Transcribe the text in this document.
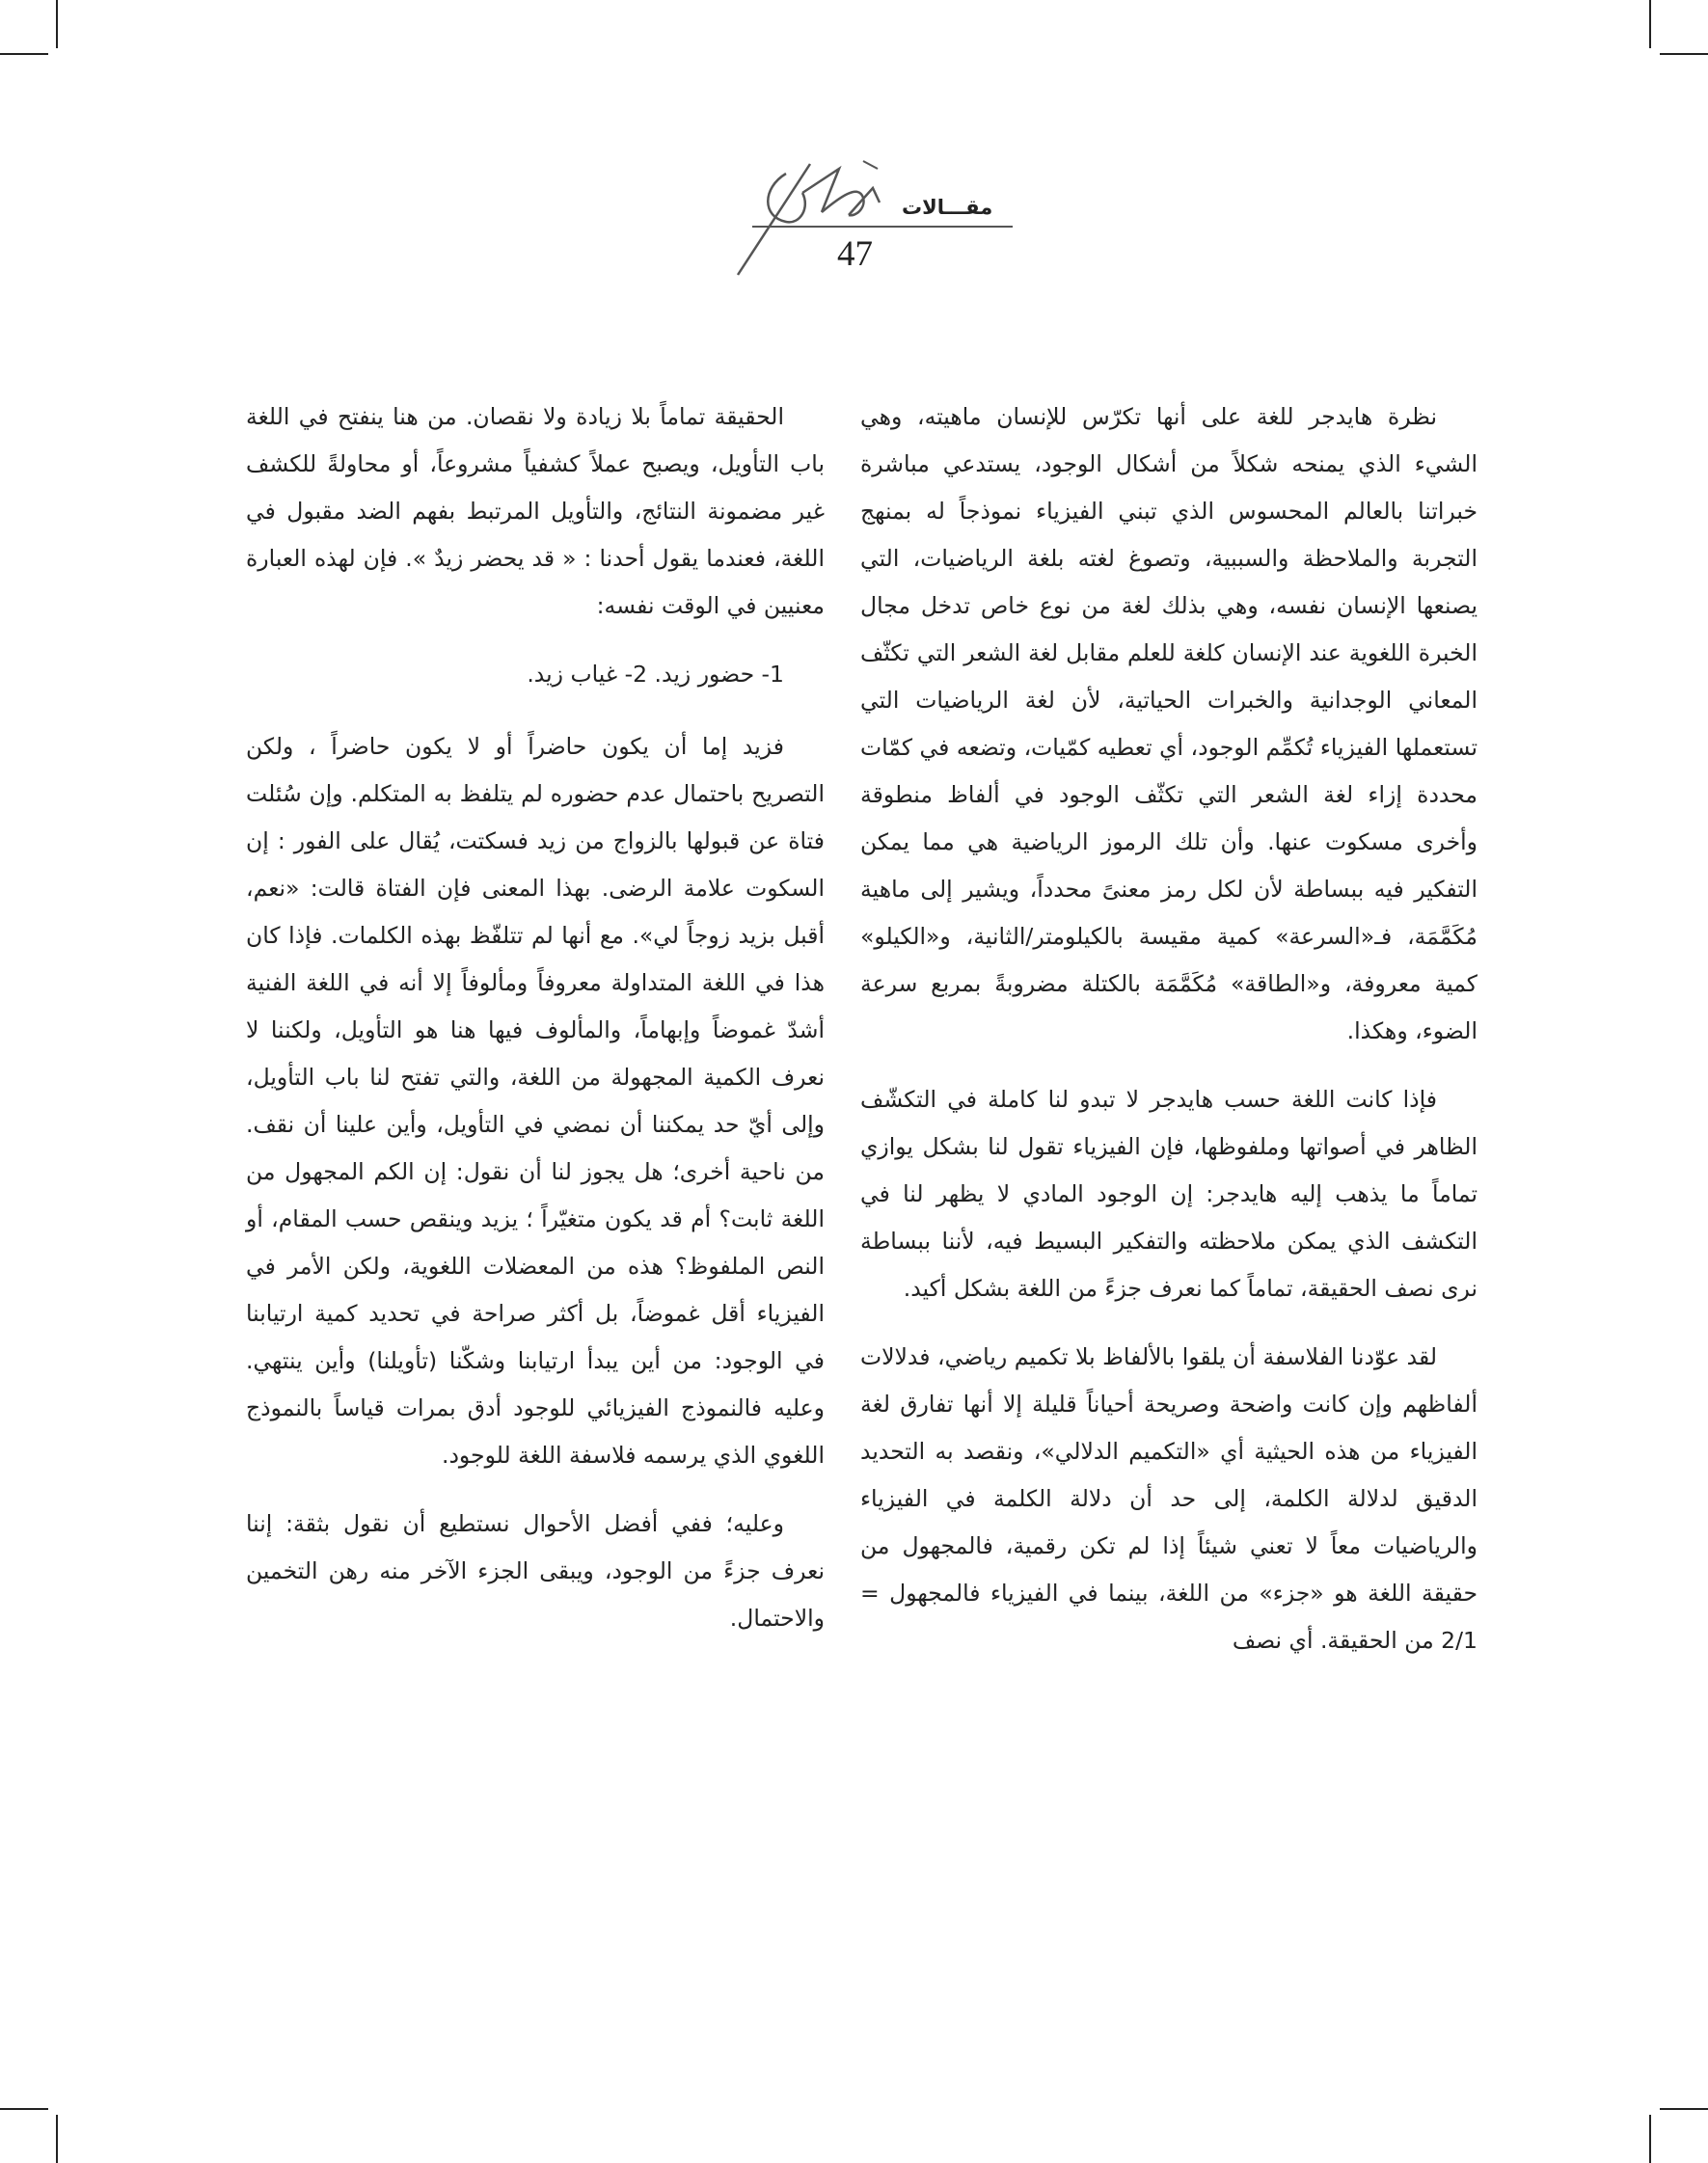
مقـــالات
47

نظرة هايدجر للغة على أنها تكرّس للإنسان ماهيته، وهي الشيء الذي يمنحه شكلاً من أشكال الوجود، يستدعي مباشرة خبراتنا بالعالم المحسوس الذي تبني الفيزياء نموذجاً له بمنهج التجربة والملاحظة والسببية، وتصوغ لغته بلغة الرياضيات، التي يصنعها الإنسان نفسه، وهي بذلك لغة من نوع خاص تدخل مجال الخبرة اللغوية عند الإنسان كلغة للعلم مقابل لغة الشعر التي تكثّف المعاني الوجدانية والخبرات الحياتية، لأن لغة الرياضيات التي تستعملها الفيزياء تُكمِّم الوجود، أي تعطيه كمّيات، وتضعه في كمّات محددة إزاء لغة الشعر التي تكثّف الوجود في ألفاظ منطوقة وأخرى مسكوت عنها. وأن تلك الرموز الرياضية هي مما يمكن التفكير فيه ببساطة لأن لكل رمز معنىً محدداً، ويشير إلى ماهية مُكَمَّمَة، فـ«السرعة» كمية مقيسة بالكيلومتر/الثانية، و«الكيلو» كمية معروفة، و«الطاقة» مُكَمَّمَة بالكتلة مضروبةً بمربع سرعة الضوء، وهكذا.

فإذا كانت اللغة حسب هايدجر لا تبدو لنا كاملة في التكشّف الظاهر في أصواتها وملفوظها، فإن الفيزياء تقول لنا بشكل يوازي تماماً ما يذهب إليه هايدجر: إن الوجود المادي لا يظهر لنا في التكشف الذي يمكن ملاحظته والتفكير البسيط فيه، لأننا ببساطة نرى نصف الحقيقة، تماماً كما نعرف جزءً من اللغة بشكل أكيد.

لقد عوّدنا الفلاسفة أن يلقوا بالألفاظ بلا تكميم رياضي، فدلالات ألفاظهم وإن كانت واضحة وصريحة أحياناً قليلة إلا أنها تفارق لغة الفيزياء من هذه الحيثية أي «التكميم الدلالي»، ونقصد به التحديد الدقيق لدلالة الكلمة، إلى حد أن دلالة الكلمة في الفيزياء والرياضيات معاً لا تعني شيئاً إذا لم تكن رقمية، فالمجهول من حقيقة اللغة هو «جزء» من اللغة، بينما في الفيزياء فالمجهول = 2/1 من الحقيقة. أي نصف

الحقيقة تماماً بلا زيادة ولا نقصان. من هنا ينفتح في اللغة باب التأويل، ويصبح عملاً كشفياً مشروعاً، أو محاولةً للكشف غير مضمونة النتائج، والتأويل المرتبط بفهم الضد مقبول في اللغة، فعندما يقول أحدنا : « قد يحضر زيدٌ ». فإن لهذه العبارة معنيين في الوقت نفسه:

1- حضور زيد. 2- غياب زيد.

فزيد إما أن يكون حاضراً أو لا يكون حاضراً ، ولكن التصريح باحتمال عدم حضوره لم يتلفظ به المتكلم. وإن سُئلت فتاة عن قبولها بالزواج من زيد فسكتت، يُقال على الفور : إن السكوت علامة الرضى. بهذا المعنى فإن الفتاة قالت: «نعم، أقبل بزيد زوجاً لي». مع أنها لم تتلفّظ بهذه الكلمات. فإذا كان هذا في اللغة المتداولة معروفاً ومألوفاً إلا أنه في اللغة الفنية أشدّ غموضاً وإبهاماً، والمألوف فيها هنا هو التأويل، ولكننا لا نعرف الكمية المجهولة من اللغة، والتي تفتح لنا باب التأويل، وإلى أيّ حد يمكننا أن نمضي في التأويل، وأين علينا أن نقف. من ناحية أخرى؛ هل يجوز لنا أن نقول: إن الكم المجهول من اللغة ثابت؟ أم قد يكون متغيّراً ؛ يزيد وينقص حسب المقام، أو النص الملفوظ؟ هذه من المعضلات اللغوية، ولكن الأمر في الفيزياء أقل غموضاً، بل أكثر صراحة في تحديد كمية ارتيابنا في الوجود: من أين يبدأ ارتيابنا وشكّنا (تأويلنا) وأين ينتهي. وعليه فالنموذج الفيزيائي للوجود أدق بمرات قياساً بالنموذج اللغوي الذي يرسمه فلاسفة اللغة للوجود.

وعليه؛ ففي أفضل الأحوال نستطيع أن نقول بثقة: إننا نعرف جزءً من الوجود، ويبقى الجزء الآخر منه رهن التخمين والاحتمال.
